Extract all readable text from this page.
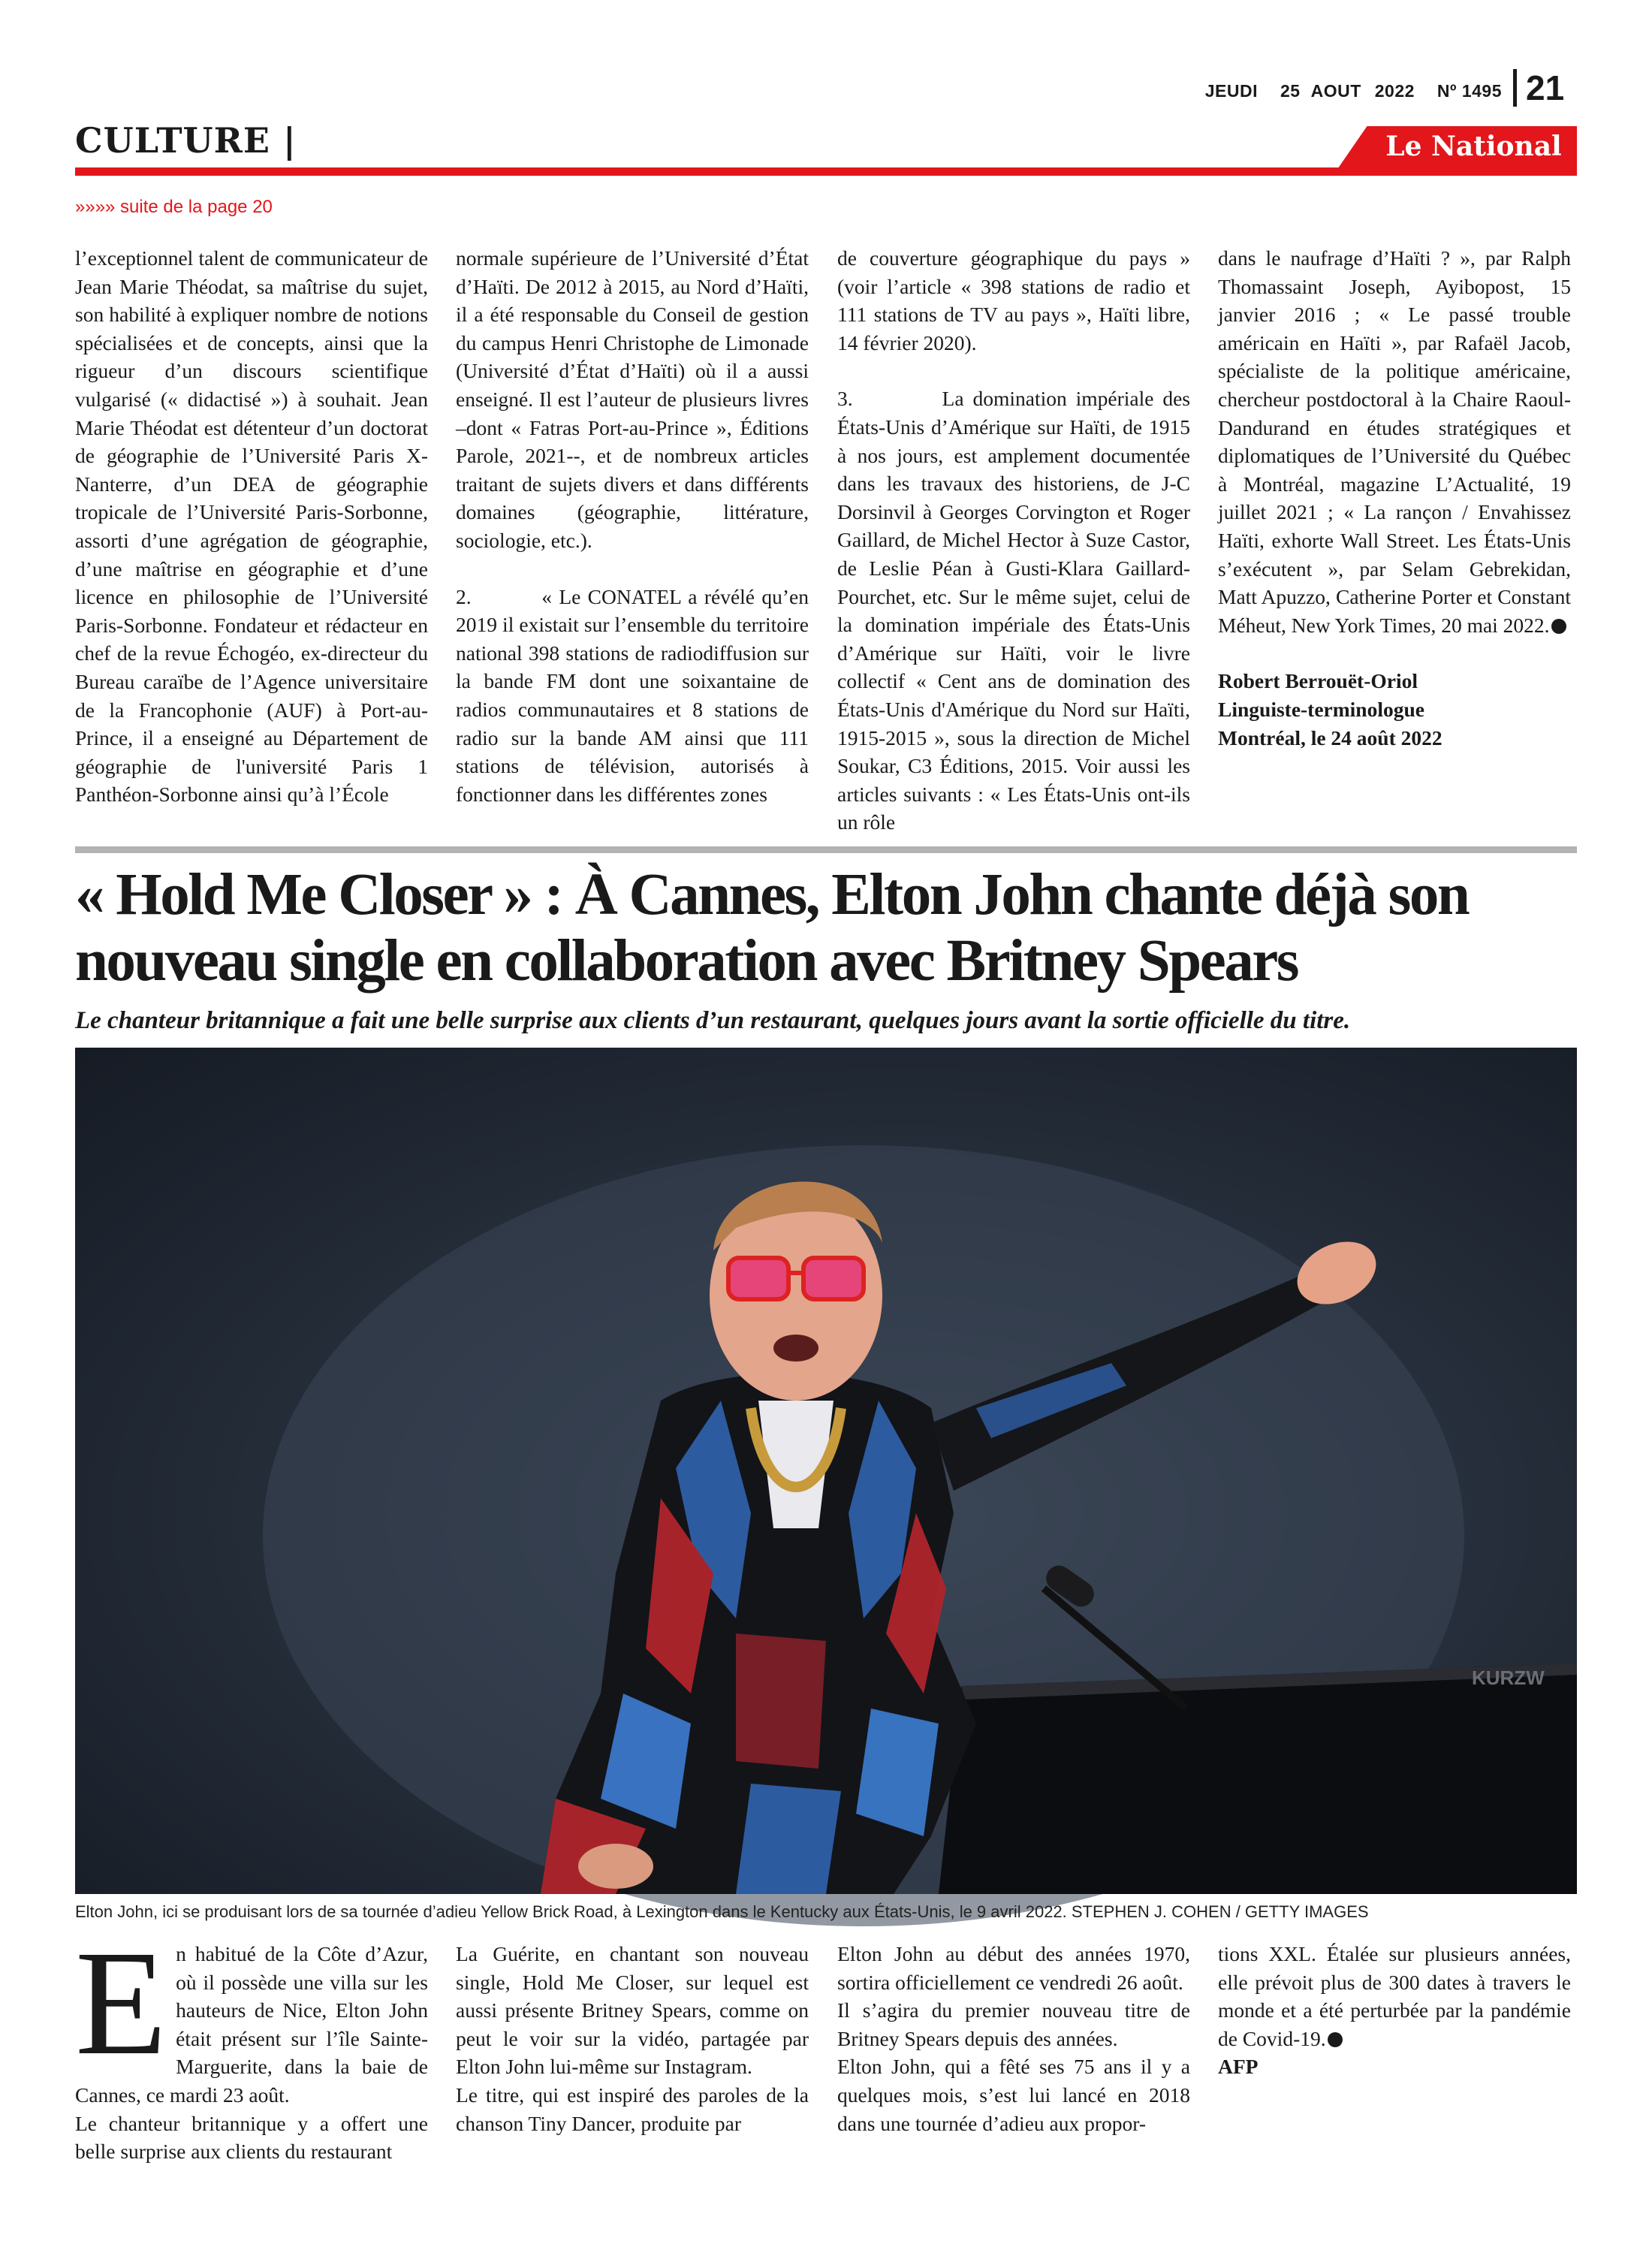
JEUDI 25 AOUT 2022 Nº 1495 21
CULTURE |	Le National
»»»» suite de la page 20

l’exceptionnel talent de communicateur de Jean Marie Théodat, sa maîtrise du sujet, son habilité à expliquer nombre de notions spécialisées et de concepts, ainsi que la rigueur d’un discours scientifique vulgarisé (« didactisé ») à souhait. Jean Marie Théodat est détenteur d’un doctorat de géographie de l’Université Paris X-Nanterre, d’un DEA de géographie tropicale de l’Université Paris-Sorbonne, assorti d’une agrégation de géographie, d’une maîtrise en géographie et d’une licence en philosophie de l’Université Paris-Sorbonne. Fondateur et rédacteur en chef de la revue Échogéo, ex-directeur du Bureau caraïbe de l’Agence universitaire de la Francophonie (AUF) à Port-au-Prince, il a enseigné au Département de géographie de l'université Paris 1 Panthéon-Sorbonne ainsi qu’à l’École

normale supérieure de l’Université d’État d’Haïti. De 2012 à 2015, au Nord d’Haïti, il a été responsable du Conseil de gestion du campus Henri Christophe de Limonade (Université d’État d’Haïti) où il a aussi enseigné. Il est l’auteur de plusieurs livres –dont « Fatras Port-au-Prince », Éditions Parole, 2021--, et de nombreux articles traitant de sujets divers et dans différents domaines (géographie, littérature, sociologie, etc.).

2.          « Le CONATEL a révélé qu’en 2019 il existait sur l’ensemble du territoire national 398 stations de radiodiffusion sur la bande FM dont une soixantaine de radios communautaires et 8 stations de radio sur la bande AM ainsi que 111 stations de télévision, autorisés à fonctionner dans les différentes zones

de couverture géographique du pays » (voir l’article « 398 stations de radio et 111 stations de TV au pays », Haïti libre, 14 février 2020).

3.          La domination impériale des États-Unis d’Amérique sur Haïti, de 1915 à nos jours, est amplement documentée dans les travaux des historiens, de J-C Dorsinvil à Georges Corvington et Roger Gaillard, de Michel Hector à Suze Castor, de Leslie Péan à Gusti-Klara Gaillard-Pourchet, etc. Sur le même sujet, celui de la domination impériale des États-Unis d’Amérique sur Haïti, voir le livre collectif « Cent ans de domination des États-Unis d'Amérique du Nord sur Haïti, 1915-2015 », sous la direction de Michel Soukar, C3 Éditions, 2015. Voir aussi les articles suivants : « Les États-Unis ont-ils un rôle

dans le naufrage d’Haïti ? », par Ralph Thomassaint Joseph, Ayibopost, 15 janvier 2016 ; « Le passé trouble américain en Haïti », par Rafaël Jacob, spécialiste de la politique américaine, chercheur postdoctoral à la Chaire Raoul-Dandurand en études stratégiques et diplomatiques de l’Université du Québec à Montréal, magazine L’Actualité, 19 juillet 2021 ; « La rançon / Envahissez Haïti, exhorte Wall Street. Les États-Unis s’exécutent », par Selam Gebrekidan, Matt Apuzzo, Catherine Porter et Constant Méheut, New York Times, 20 mai 2022.

Robert Berrouët-Oriol
Linguiste-terminologue
Montréal, le 24 août 2022
« Hold Me Closer » : À Cannes, Elton John chante déjà son nouveau single en collaboration avec Britney Spears
Le chanteur britannique a fait une belle surprise aux clients d’un restaurant, quelques jours avant la sortie officielle du titre.
KURZW
Elton John, ici se produisant lors de sa tournée d’adieu Yellow Brick Road, à Lexington dans le Kentucky aux États-Unis, le 9 avril 2022. STEPHEN J. COHEN / GETTY IMAGES
E n habitué de la Côte d’Azur, où il possède une villa sur les hauteurs de Nice, Elton John était présent sur l’île Sainte-Marguerite, dans la baie de Cannes, ce mardi 23 août.

Le chanteur britannique y a offert une belle surprise aux clients du restaurant

La Guérite, en chantant son nouveau single, Hold Me Closer, sur lequel est aussi présente Britney Spears, comme on peut le voir sur la vidéo, partagée par Elton John lui-même sur Instagram.

Le titre, qui est inspiré des paroles de la chanson Tiny Dancer, produite par

Elton John au début des années 1970, sortira officiellement ce vendredi 26 août.

Il s’agira du premier nouveau titre de Britney Spears depuis des années.

Elton John, qui a fêté ses 75 ans il y a quelques mois, s’est lui lancé en 2018 dans une tournée d’adieu aux propor-

tions XXL. Étalée sur plusieurs années, elle prévoit plus de 300 dates à travers le monde et a été perturbée par la pandémie de Covid-19.

AFP
